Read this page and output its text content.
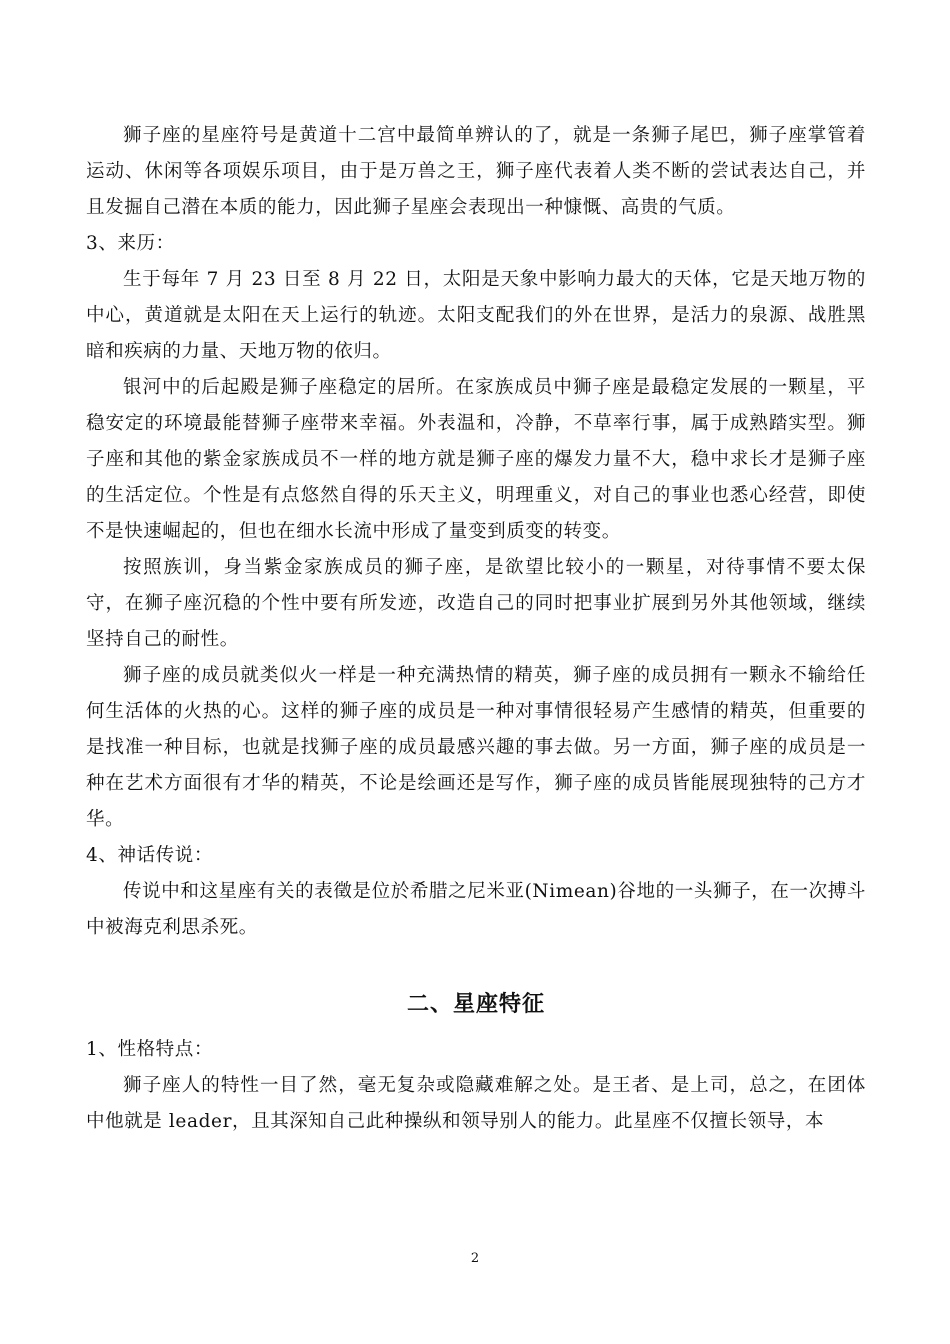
狮子座的星座符号是黄道十二宫中最简单辨认的了，就是一条狮子尾巴，狮子座掌管着运动、休闲等各项娱乐项目，由于是万兽之王，狮子座代表着人类不断的尝试表达自己，并且发掘自己潜在本质的能力，因此狮子星座会表现出一种慷慨、高贵的气质。

3、来历：

生于每年 7 月 23 日至 8 月 22 日，太阳是天象中影响力最大的天体，它是天地万物的中心，黄道就是太阳在天上运行的轨迹。太阳支配我们的外在世界，是活力的泉源、战胜黑暗和疾病的力量、天地万物的依归。

银河中的后起殿是狮子座稳定的居所。在家族成员中狮子座是最稳定发展的一颗星，平稳安定的环境最能替狮子座带来幸福。外表温和，冷静，不草率行事，属于成熟踏实型。狮子座和其他的紫金家族成员不一样的地方就是狮子座的爆发力量不大，稳中求长才是狮子座的生活定位。个性是有点悠然自得的乐天主义，明理重义，对自己的事业也悉心经营，即使不是快速崛起的，但也在细水长流中形成了量变到质变的转变。

按照族训，身当紫金家族成员的狮子座，是欲望比较小的一颗星，对待事情不要太保守，在狮子座沉稳的个性中要有所发迹，改造自己的同时把事业扩展到另外其他领域，继续坚持自己的耐性。

狮子座的成员就类似火一样是一种充满热情的精英，狮子座的成员拥有一颗永不输给任何生活体的火热的心。这样的狮子座的成员是一种对事情很轻易产生感情的精英，但重要的是找准一种目标，也就是找狮子座的成员最感兴趣的事去做。另一方面，狮子座的成员是一种在艺术方面很有才华的精英，不论是绘画还是写作，狮子座的成员皆能展现独特的己方才华。

4、神话传说：

传说中和这星座有关的表徵是位於希腊之尼米亚(Nimean)谷地的一头狮子，在一次搏斗中被海克利思杀死。

二、星座特征

1、性格特点：

狮子座人的特性一目了然，毫无复杂或隐藏难解之处。是王者、是上司，总之，在团体中他就是 leader，且其深知自己此种操纵和领导别人的能力。此星座不仅擅长领导，本

2
